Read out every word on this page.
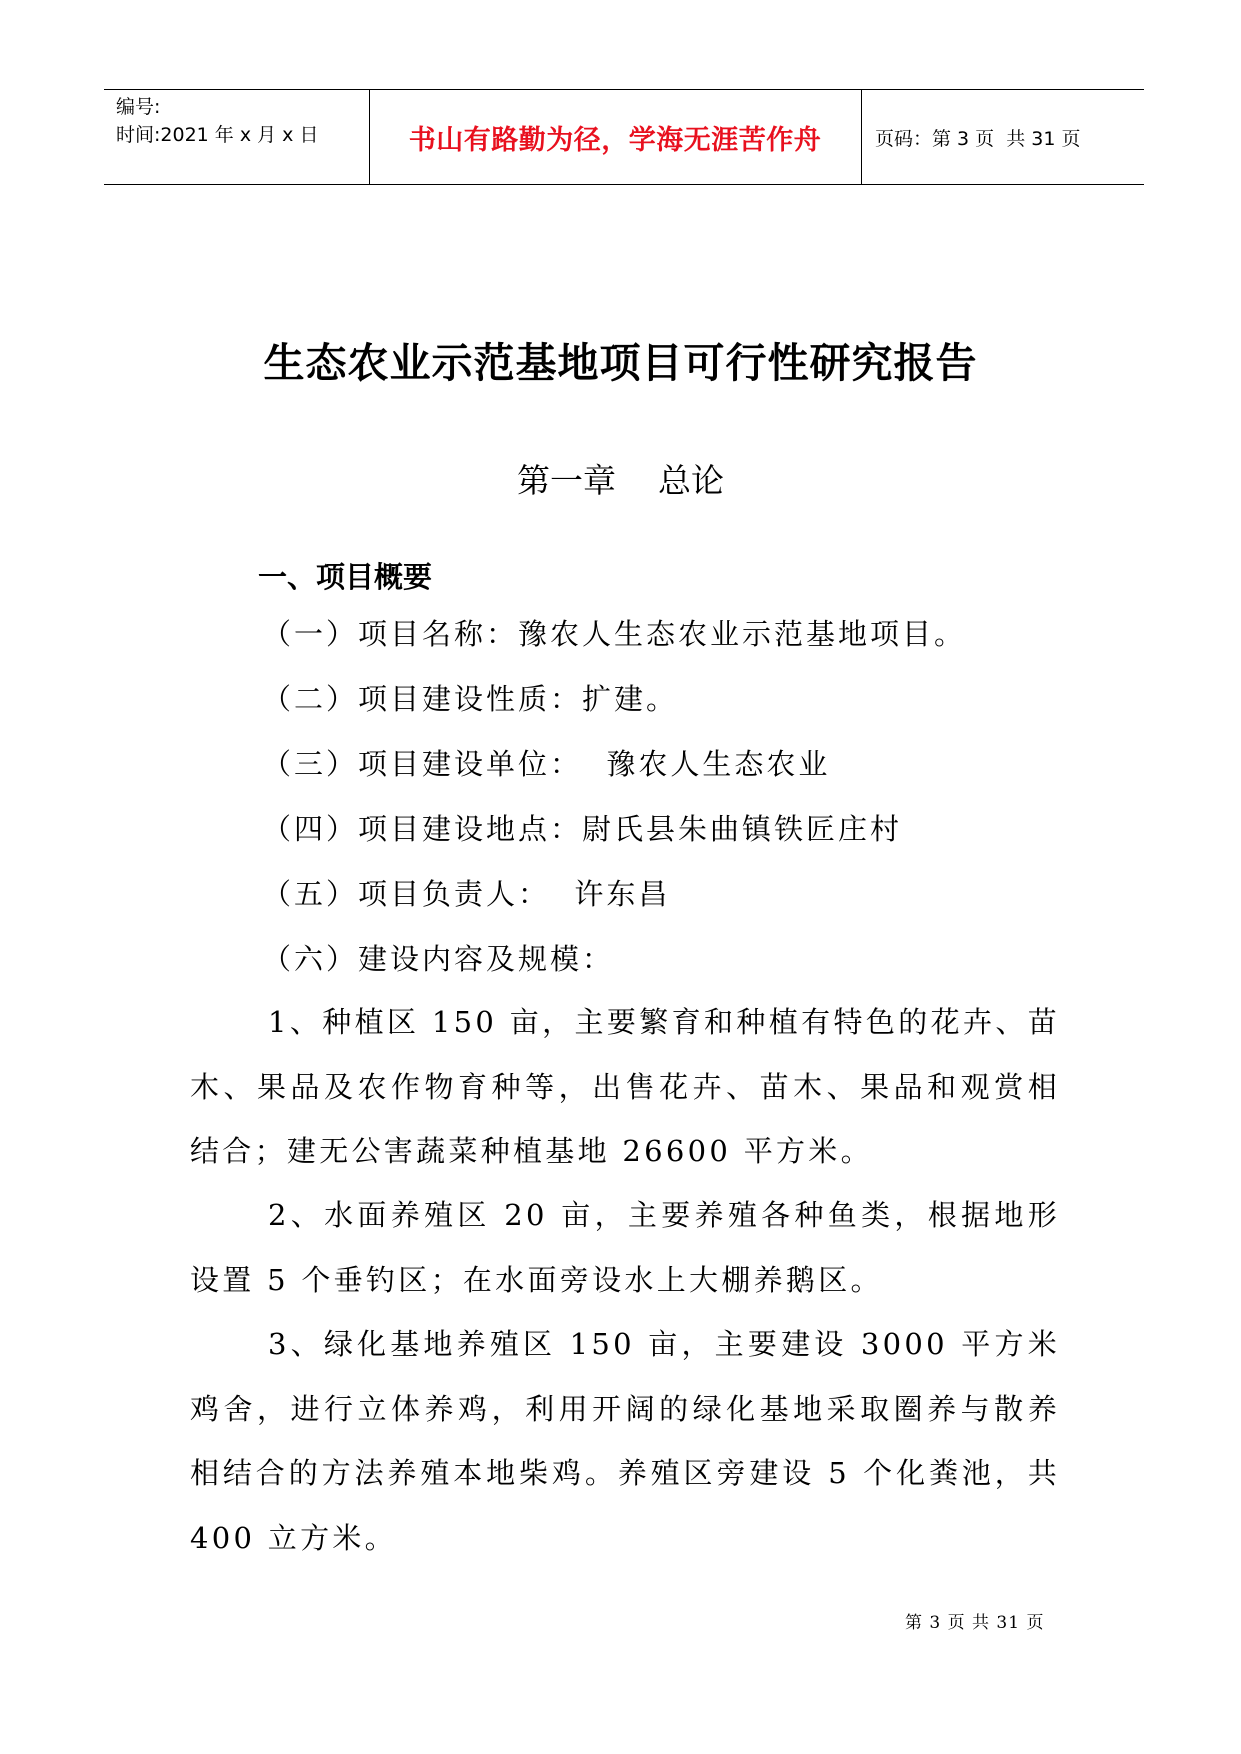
编号:
时间:2021 年 x 月 x 日	书山有路勤为径，学海无涯苦作舟	页码：第 3 页  共 31 页
生态农业示范基地项目可行性研究报告
第一章    总论
一、项目概要
（一）项目名称：豫农人生态农业示范基地项目。
（二）项目建设性质：扩建。
（三）项目建设单位：  豫农人生态农业
（四）项目建设地点：尉氏县朱曲镇铁匠庄村
（五）项目负责人：  许东昌
（六）建设内容及规模：
1、种植区 150 亩，主要繁育和种植有特色的花卉、苗木、果品及农作物育种等，出售花卉、苗木、果品和观赏相结合；建无公害蔬菜种植基地 26600 平方米。
2、水面养殖区 20 亩，主要养殖各种鱼类，根据地形设置 5 个垂钓区；在水面旁设水上大棚养鹅区。
3、绿化基地养殖区 150 亩，主要建设 3000 平方米鸡舍，进行立体养鸡，利用开阔的绿化基地采取圈养与散养相结合的方法养殖本地柴鸡。养殖区旁建设 5 个化粪池，共 400 立方米。
第 3 页 共 31 页
